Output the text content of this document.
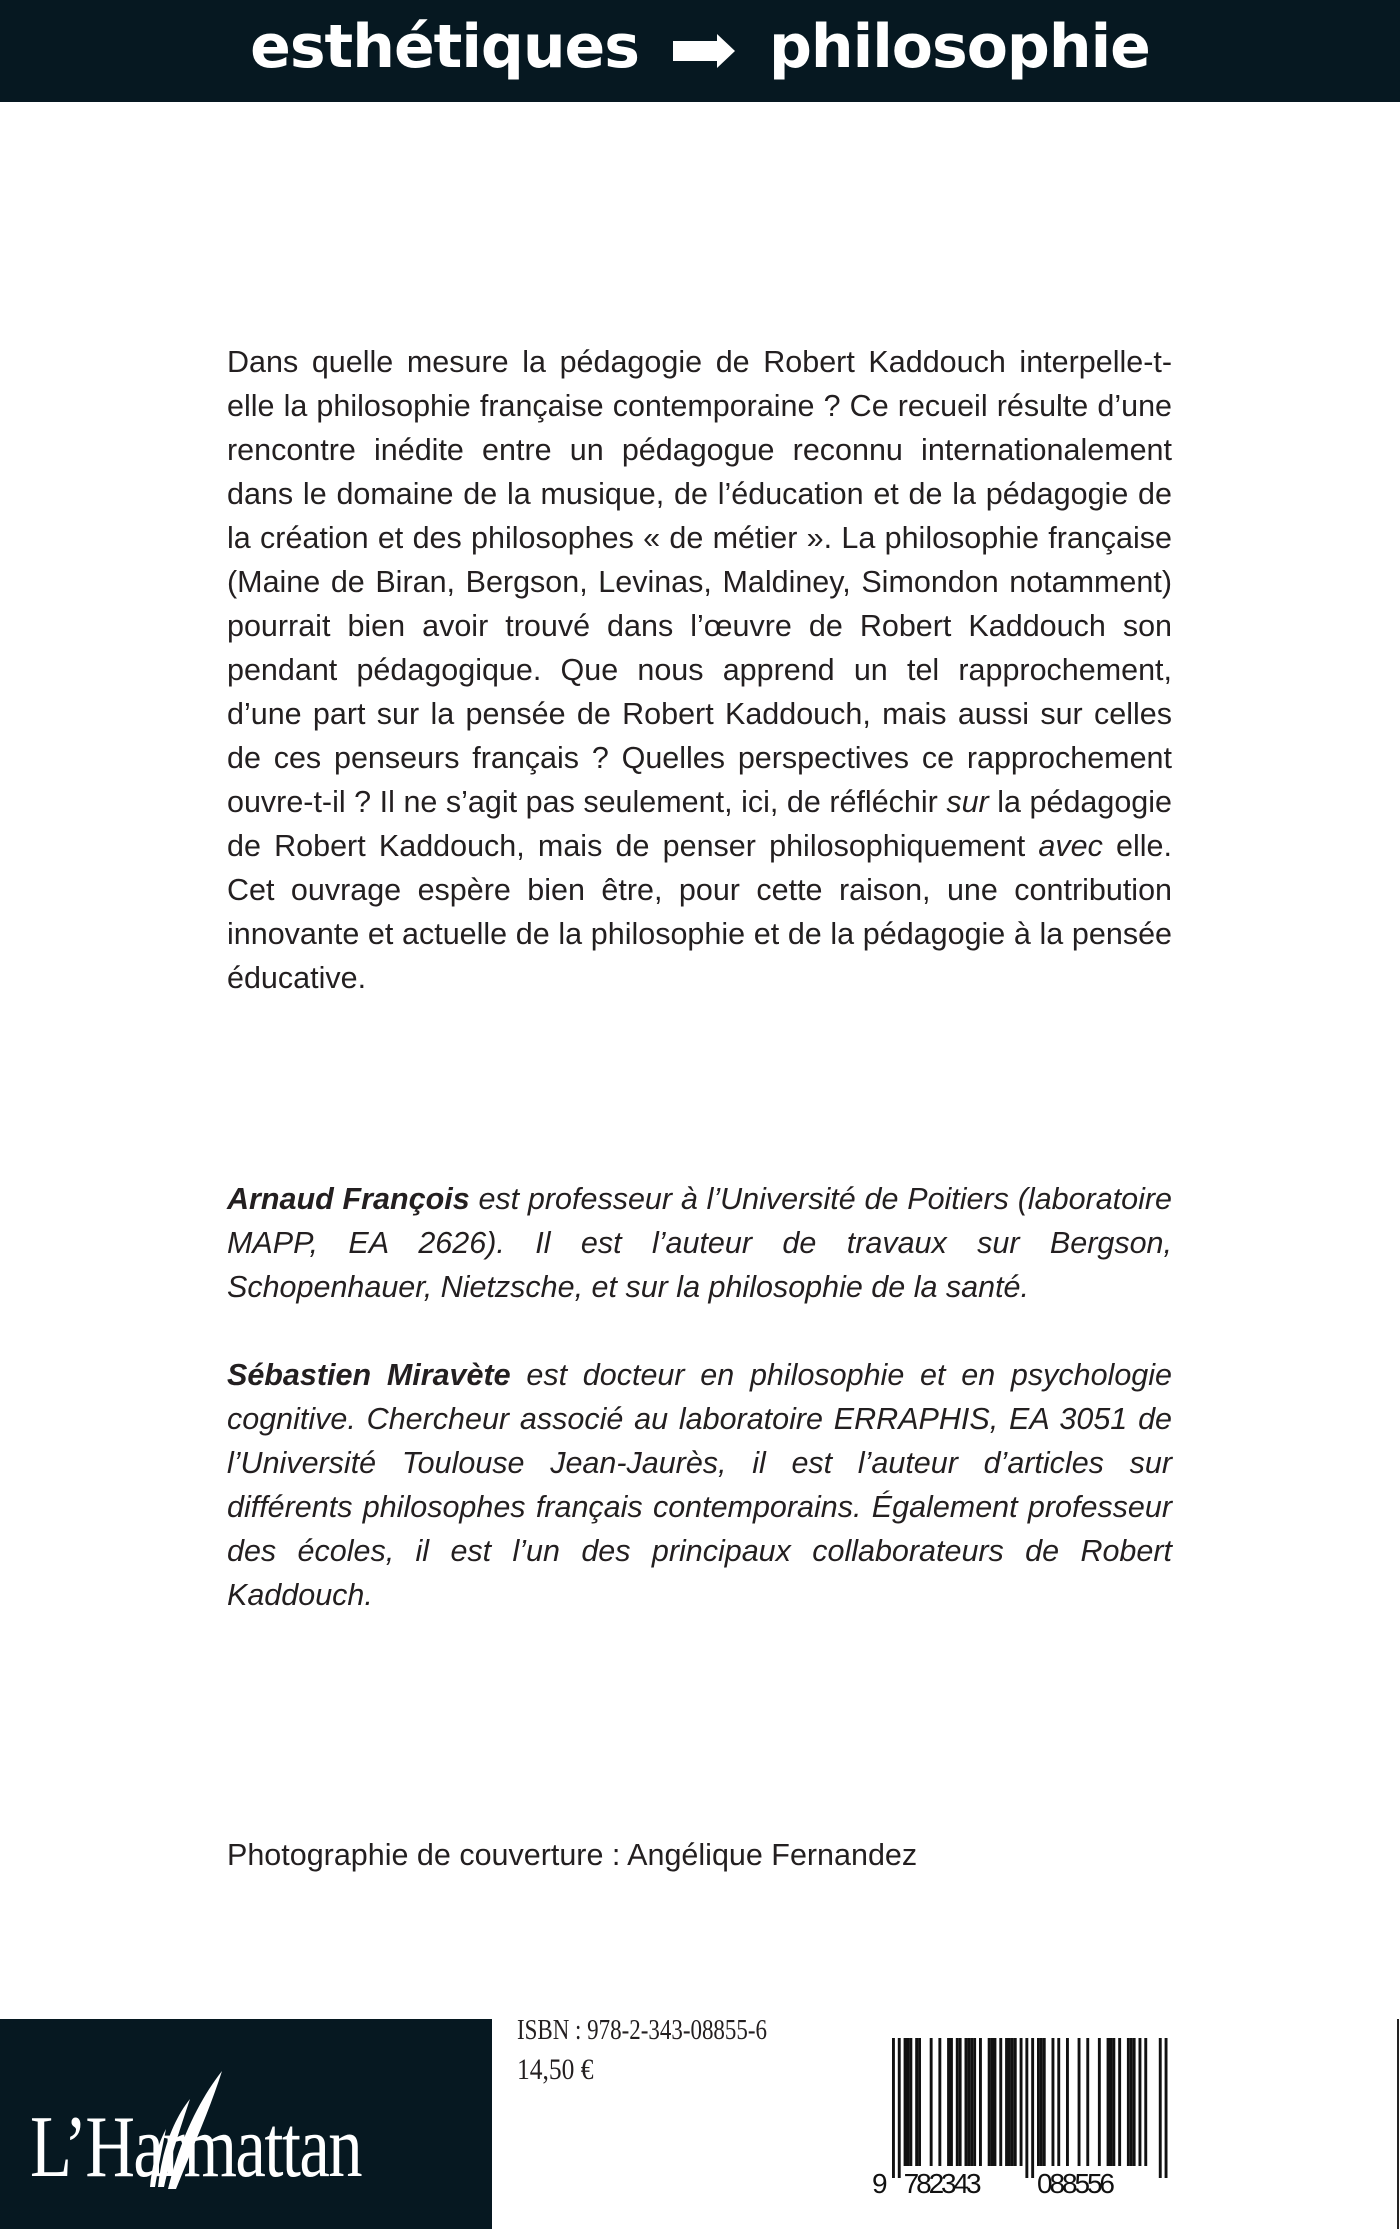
esthétiques philosophie
Dans quelle mesure la pédagogie de Robert Kaddouch interpelle-t-elle la philosophie française contemporaine ? Ce recueil résulte d’une rencontre inédite entre un pédagogue reconnu internationalement dans le domaine de la musique, de l’éducation et de la pédagogie de la création et des philosophes « de métier ». La philosophie française (Maine de Biran, Bergson, Levinas, Maldiney, Simondon notamment) pourrait bien avoir trouvé dans l’œuvre de Robert Kaddouch son pendant pédagogique. Que nous apprend un tel rapprochement, d’une part sur la pensée de Robert Kaddouch, mais aussi sur celles de ces penseurs français ? Quelles perspectives ce rapprochement ouvre-t-il ? Il ne s’agit pas seulement, ici, de réfléchir sur la pédagogie de Robert Kaddouch, mais de penser philosophiquement avec elle. Cet ouvrage espère bien être, pour cette raison, une contribution innovante et actuelle de la philosophie et de la pédagogie à la pensée éducative.
Arnaud François est professeur à l’Université de Poitiers (laboratoire MAPP, EA 2626). Il est l’auteur de travaux sur Bergson, Schopenhauer, Nietzsche, et sur la philosophie de la santé.
Sébastien Miravète est docteur en philosophie et en psychologie cognitive. Chercheur associé au laboratoire ERRAPHIS, EA 3051 de l’Université Toulouse Jean-Jaurès, il est l’auteur d’articles sur différents philosophes français contemporains. Également professeur des écoles, il est l’un des principaux collaborateurs de Robert Kaddouch.
Photographie de couverture : Angélique Fernandez
L’Harmattan
ISBN : 978-2-343-08855-6
14,50 €
9 782343 088556
